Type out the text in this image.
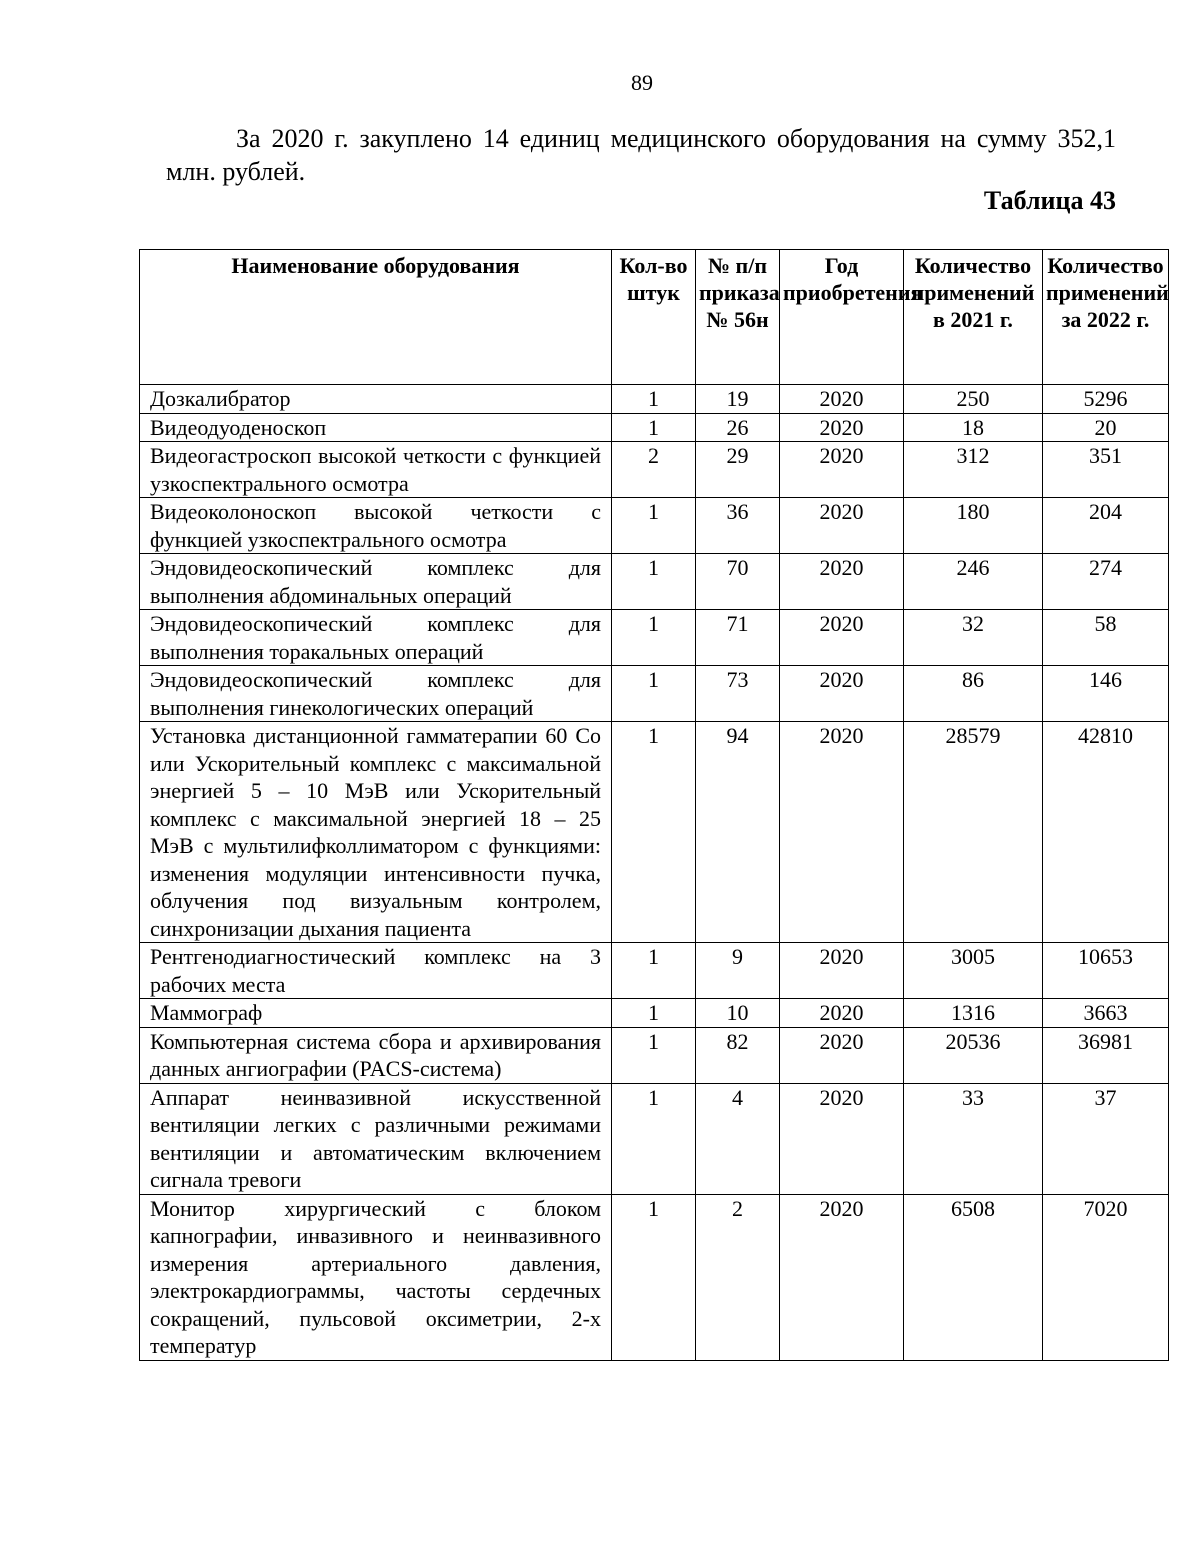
89

За 2020 г. закуплено 14 единиц медицинского оборудования на сумму 352,1 млн. рублей.

Таблица 43
Наименование оборудования	Кол-во штук	№ п/п приказа № 56н	Год приобретения	Количество применений в 2021 г.	Количество применений за 2022 г.
Дозкалибратор	1	19	2020	250	5296
Видеодуоденоскоп	1	26	2020	18	20
Видеогастроскоп высокой четкости с функцией узкоспектрального осмотра	2	29	2020	312	351
Видеоколоноскоп высокой четкости с функцией узкоспектрального осмотра	1	36	2020	180	204
Эндовидеоскопический комплекс для выполнения абдоминальных операций	1	70	2020	246	274
Эндовидеоскопический комплекс для выполнения торакальных операций	1	71	2020	32	58
Эндовидеоскопический комплекс для выполнения гинекологических операций	1	73	2020	86	146
Установка дистанционной гамматерапии 60 Со или Ускорительный комплекс с максимальной энергией 5 – 10 МэВ или Ускорительный комплекс с максимальной энергией 18 – 25 МэВ с мультилифколлиматором с функциями: изменения модуляции интенсивности пучка, облучения под визуальным контролем, синхронизации дыхания пациента	1	94	2020	28579	42810
Рентгенодиагностический комплекс на 3 рабочих места	1	9	2020	3005	10653
Маммограф	1	10	2020	1316	3663
Компьютерная система сбора и архивирования данных ангиографии (PACS-система)	1	82	2020	20536	36981
Аппарат неинвазивной искусственной вентиляции легких с различными режимами вентиляции и автоматическим включением сигнала тревоги	1	4	2020	33	37
Монитор хирургический с блоком капнографии, инвазивного и неинвазивного измерения артериального давления, электрокардиограммы, частоты сердечных сокращений, пульсовой оксиметрии, 2-х температур	1	2	2020	6508	7020
